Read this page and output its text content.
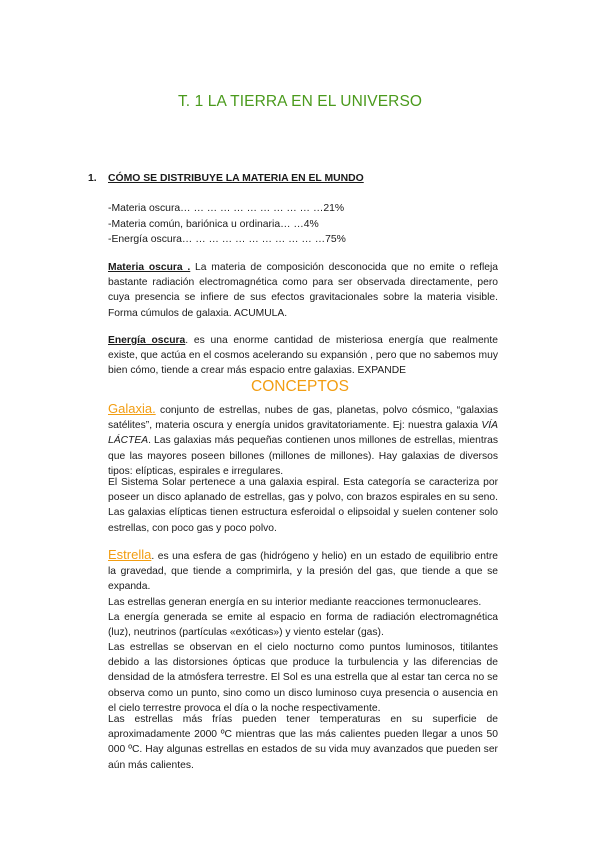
T. 1 LA TIERRA EN EL UNIVERSO
1. CÓMO SE DISTRIBUYE LA MATERIA EN EL MUNDO
-Materia oscura… … … … … … … … … … …21%
-Materia común, bariónica u ordinaria… …4%
-Energía oscura… … … … … … … … … … …75%

Materia oscura . La materia de composición desconocida que no emite o refleja bastante radiación electromagnética como para ser observada directamente, pero cuya presencia se infiere de sus efectos gravitacionales sobre la materia visible. Forma cúmulos de galaxia. ACUMULA.

Energía oscura. es una enorme cantidad de misteriosa energía que realmente existe, que actúa en el cosmos acelerando su expansión , pero que no sabemos muy bien cómo, tiende a crear más espacio entre galaxias. EXPANDE

CONCEPTOS

Galaxia. conjunto de estrellas, nubes de gas, planetas, polvo cósmico, “galaxias satélites”, materia oscura y energía unidos gravitatoriamente. Ej: nuestra galaxia VÍA LÁCTEA. Las galaxias más pequeñas contienen unos millones de estrellas, mientras que las mayores poseen billones (millones de millones). Hay galaxias de diversos tipos: elípticas, espirales e irregulares.

El Sistema Solar pertenece a una galaxia espiral. Esta categoría se caracteriza por poseer un disco aplanado de estrellas, gas y polvo, con brazos espirales en su seno. Las galaxias elípticas tienen estructura esferoidal o elipsoidal y suelen contener solo estrellas, con poco gas y poco polvo.

Estrella. es una esfera de gas (hidrógeno y helio) en un estado de equilibrio entre la gravedad, que tiende a comprimirla, y la presión del gas, que tiende a que se expanda.

Las estrellas generan energía en su interior mediante reacciones termonucleares.

La energía generada se emite al espacio en forma de radiación electromagnética (luz), neutrinos (partículas «exóticas») y viento estelar (gas).

Las estrellas se observan en el cielo nocturno como puntos luminosos, titilantes debido a las distorsiones ópticas que produce la turbulencia y las diferencias de densidad de la atmósfera terrestre. El Sol es una estrella que al estar tan cerca no se observa como un punto, sino como un disco luminoso cuya presencia o ausencia en el cielo terrestre provoca el día o la noche respectivamente.

Las estrellas más frías pueden tener temperaturas en su superficie de aproximadamente 2000 ºC mientras que las más calientes pueden llegar a unos 50 000 ºC. Hay algunas estrellas en estados de su vida muy avanzados que pueden ser aún más calientes.
